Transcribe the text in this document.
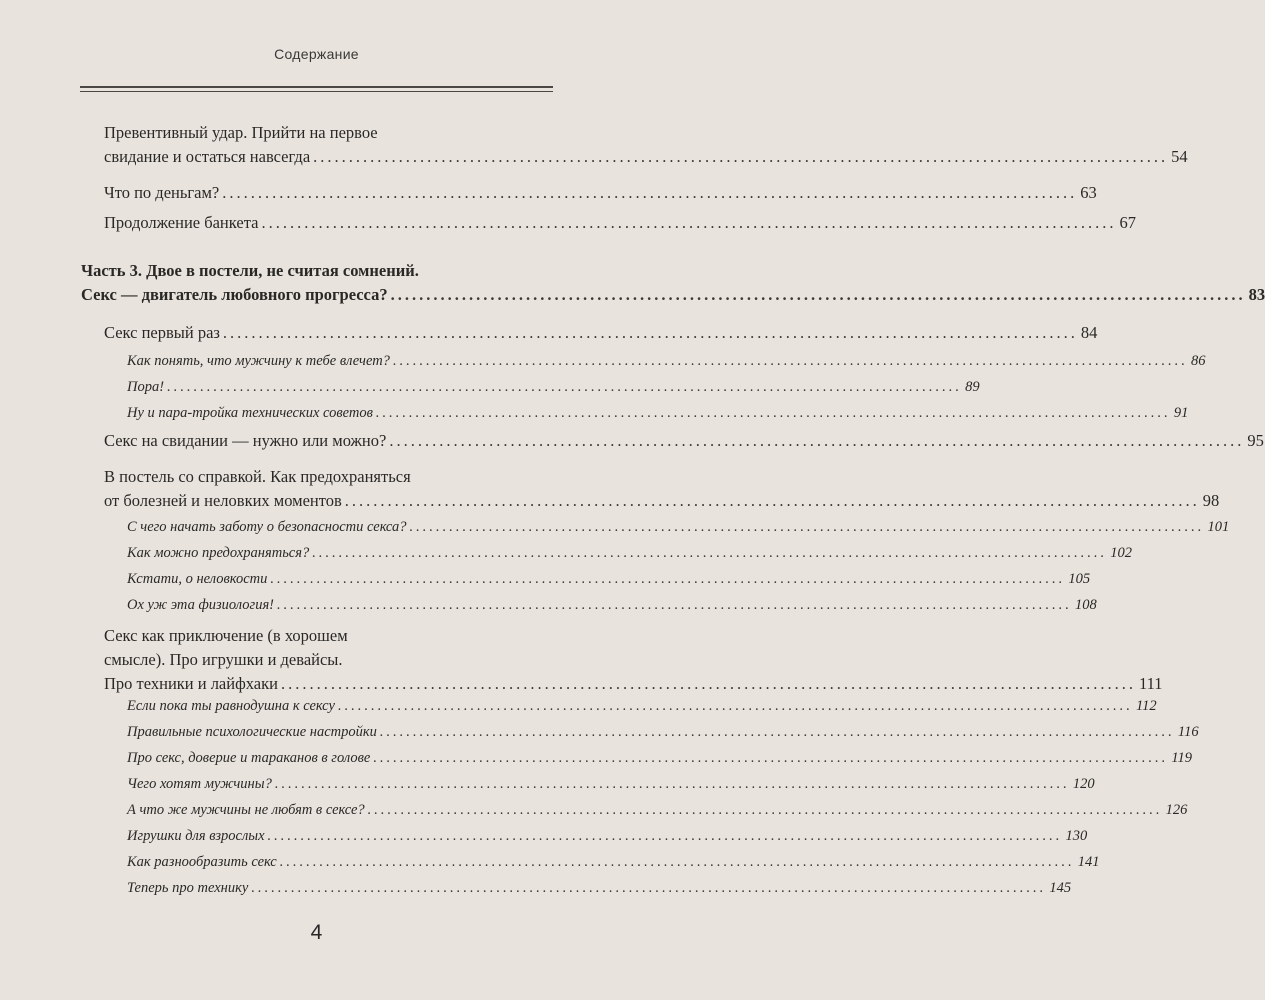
Содержание
Превентивный удар. Прийти на первое
свидание и остаться навсегда ........................................................................................................................ 54
Что по деньгам? ........................................................................................................................ 63
Продолжение банкета ........................................................................................................................ 67
Часть 3. Двое в постели, не считая сомнений.
Секс — двигатель любовного прогресса? ........................................................................................................................ 83
Секс первый раз ........................................................................................................................ 84
Как понять, что мужчину к тебе влечет? ........................................................................................................................ 86
Пора! ........................................................................................................................ 89
Ну и пара-тройка технических советов ........................................................................................................................ 91
Секс на свидании — нужно или можно? ........................................................................................................................ 95
В постель со справкой. Как предохраняться
от болезней и неловких моментов ........................................................................................................................ 98
С чего начать заботу о безопасности секса? ........................................................................................................................ 101
Как можно предохраняться? ........................................................................................................................ 102
Кстати, о неловкости ........................................................................................................................ 105
Ох уж эта физиология! ........................................................................................................................ 108
Секс как приключение (в хорошем
смысле). Про игрушки и девайсы.
Про техники и лайфхаки ........................................................................................................................ 111
Если пока ты равнодушна к сексу ........................................................................................................................ 112
Правильные психологические настройки ........................................................................................................................ 116
Про секс, доверие и тараканов в голове ........................................................................................................................ 119
Чего хотят мужчины? ........................................................................................................................ 120
А что же мужчины не любят в сексе? ........................................................................................................................ 126
Игрушки для взрослых ........................................................................................................................ 130
Как разнообразить секс ........................................................................................................................ 141
Теперь про технику ........................................................................................................................ 145
4
